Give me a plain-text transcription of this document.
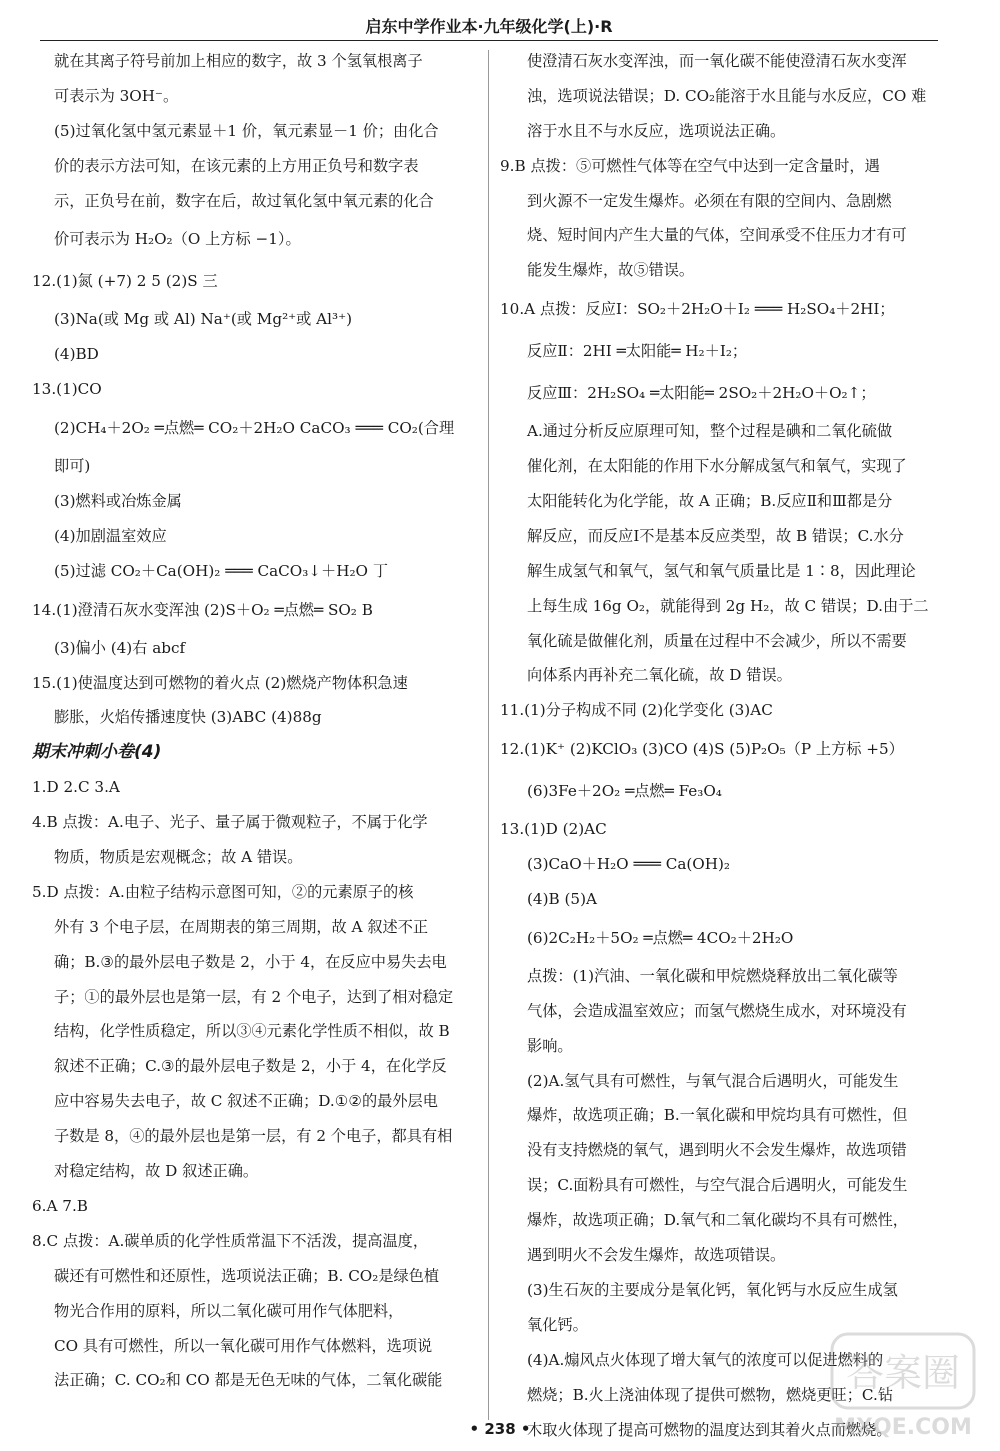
启东中学作业本·九年级化学(上)·R
就在其离子符号前加上相应的数字，故 3 个氢氧根离子
可表示为 3OH⁻。
(5)过氧化氢中氢元素显＋1 价，氧元素显－1 价；由化合
价的表示方法可知，在该元素的上方用正负号和数字表
示，正负号在前，数字在后，故过氧化氢中氧元素的化合
价可表示为 H₂O₂（O 上方标 −1）。
12.(1)氮 (+7) 2 5 (2)S 三
(3)Na(或 Mg 或 Al) Na⁺(或 Mg²⁺或 Al³⁺)
(4)BD
13.(1)CO
(2)CH₄＋2O₂ ═点燃═ CO₂＋2H₂O CaCO₃ ═══ CO₂(合理
即可)
(3)燃料或冶炼金属
(4)加剧温室效应
(5)过滤 CO₂＋Ca(OH)₂ ═══ CaCO₃↓＋H₂O 丁
14.(1)澄清石灰水变浑浊 (2)S＋O₂ ═点燃═ SO₂ B
(3)偏小 (4)右 abcf
15.(1)使温度达到可燃物的着火点 (2)燃烧产物体积急速
膨胀，火焰传播速度快 (3)ABC (4)88g
期末冲刺小卷(4)
1.D 2.C 3.A
4.B 点拨：A.电子、光子、量子属于微观粒子，不属于化学
物质，物质是宏观概念；故 A 错误。
5.D 点拨：A.由粒子结构示意图可知，②的元素原子的核
外有 3 个电子层，在周期表的第三周期，故 A 叙述不正
确；B.③的最外层电子数是 2，小于 4，在反应中易失去电
子；①的最外层也是第一层，有 2 个电子，达到了相对稳定
结构，化学性质稳定，所以③④元素化学性质不相似，故 B
叙述不正确；C.③的最外层电子数是 2，小于 4，在化学反
应中容易失去电子，故 C 叙述不正确；D.①②的最外层电
子数是 8，④的最外层也是第一层，有 2 个电子，都具有相
对稳定结构，故 D 叙述正确。
6.A 7.B
8.C 点拨：A.碳单质的化学性质常温下不活泼，提高温度，
碳还有可燃性和还原性，选项说法正确；B. CO₂是绿色植
物光合作用的原料，所以二氧化碳可用作气体肥料，
CO 具有可燃性，所以一氧化碳可用作气体燃料，选项说
法正确；C. CO₂和 CO 都是无色无味的气体，二氧化碳能
使澄清石灰水变浑浊，而一氧化碳不能使澄清石灰水变浑
浊，选项说法错误；D. CO₂能溶于水且能与水反应，CO 难
溶于水且不与水反应，选项说法正确。
9.B 点拨：⑤可燃性气体等在空气中达到一定含量时，遇
到火源不一定发生爆炸。必须在有限的空间内、急剧燃
烧、短时间内产生大量的气体，空间承受不住压力才有可
能发生爆炸，故⑤错误。
10.A 点拨：反应Ⅰ：SO₂＋2H₂O＋I₂ ═══ H₂SO₄＋2HI；
反应Ⅱ：2HI ═太阳能═ H₂＋I₂；
反应Ⅲ：2H₂SO₄ ═太阳能═ 2SO₂＋2H₂O＋O₂↑；
A.通过分析反应原理可知，整个过程是碘和二氧化硫做
催化剂，在太阳能的作用下水分解成氢气和氧气，实现了
太阳能转化为化学能，故 A 正确；B.反应Ⅱ和Ⅲ都是分
解反应，而反应Ⅰ不是基本反应类型，故 B 错误；C.水分
解生成氢气和氧气，氢气和氧气质量比是 1∶8，因此理论
上每生成 16g O₂，就能得到 2g H₂，故 C 错误；D.由于二
氧化硫是做催化剂，质量在过程中不会减少，所以不需要
向体系内再补充二氧化硫，故 D 错误。
11.(1)分子构成不同 (2)化学变化 (3)AC
12.(1)K⁺ (2)KClO₃ (3)CO (4)S (5)P₂O₅（P 上方标 +5）
(6)3Fe＋2O₂ ═点燃═ Fe₃O₄
13.(1)D (2)AC
(3)CaO＋H₂O ═══ Ca(OH)₂
(4)B (5)A
(6)2C₂H₂＋5O₂ ═点燃═ 4CO₂＋2H₂O
点拨：(1)汽油、一氧化碳和甲烷燃烧释放出二氧化碳等
气体，会造成温室效应；而氢气燃烧生成水，对环境没有
影响。
(2)A.氢气具有可燃性，与氧气混合后遇明火，可能发生
爆炸，故选项正确；B.一氧化碳和甲烷均具有可燃性，但
没有支持燃烧的氧气，遇到明火不会发生爆炸，故选项错
误；C.面粉具有可燃性，与空气混合后遇明火，可能发生
爆炸，故选项正确；D.氧气和二氧化碳均不具有可燃性，
遇到明火不会发生爆炸，故选项错误。
(3)生石灰的主要成分是氧化钙，氧化钙与水反应生成氢
氧化钙。
(4)A.煽风点火体现了增大氧气的浓度可以促进燃料的
燃烧；B.火上浇油体现了提供可燃物，燃烧更旺；C.钻
木取火体现了提高可燃物的温度达到其着火点而燃烧。
• 238 •
答案圈
MXQE.COM
